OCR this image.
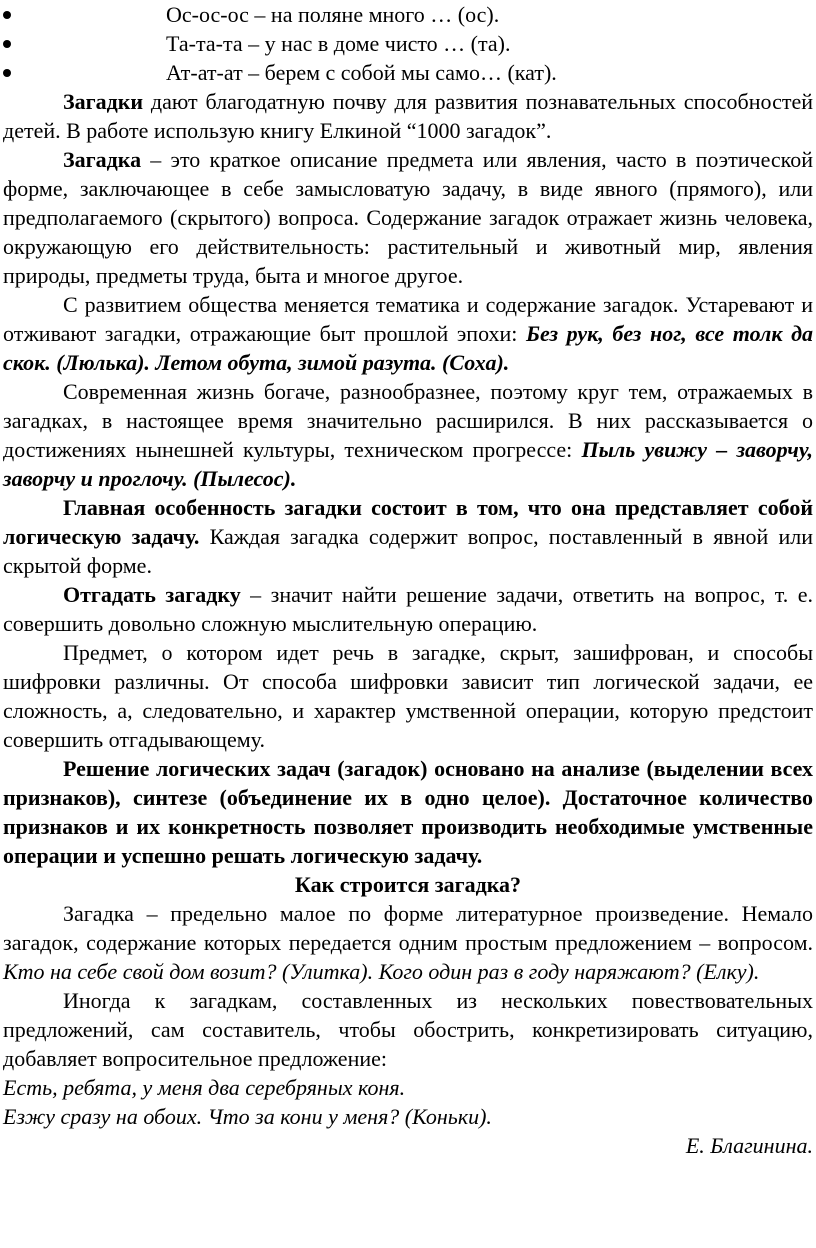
Ос-ос-ос – на поляне много … (ос).
Та-та-та – у нас в доме чисто … (та).
Ат-ат-ат – берем с собой мы само… (кат).

Загадки дают благодатную почву для развития познавательных способностей детей. В работе использую книгу Елкиной “1000 загадок”.

Загадка – это краткое описание предмета или явления, часто в поэтической форме, заключающее в себе замысловатую задачу, в виде явного (прямого), или предполагаемого (скрытого) вопроса. Содержание загадок отражает жизнь человека, окружающую его действительность: растительный и животный мир, явления природы, предметы труда, быта и многое другое.

С развитием общества меняется тематика и содержание загадок. Устаревают и отживают загадки, отражающие быт прошлой эпохи: Без рук, без ног, все толк да скок. (Люлька). Летом обута, зимой разута. (Соха).

Современная жизнь богаче, разнообразнее, поэтому круг тем, отражаемых в загадках, в настоящее время значительно расширился. В них рассказывается о достижениях нынешней культуры, техническом прогрессе: Пыль увижу – заворчу, заворчу и проглочу. (Пылесос).

Главная особенность загадки состоит в том, что она представляет собой логическую задачу. Каждая загадка содержит вопрос, поставленный в явной или скрытой форме.

Отгадать загадку – значит найти решение задачи, ответить на вопрос, т. е. совершить довольно сложную мыслительную операцию.

Предмет, о котором идет речь в загадке, скрыт, зашифрован, и способы шифровки различны. От способа шифровки зависит тип логической задачи, ее сложность, а, следовательно, и характер умственной операции, которую предстоит совершить отгадывающему.

Решение логических задач (загадок) основано на анализе (выделении всех признаков), синтезе (объединение их в одно целое). Достаточное количество признаков и их конкретность позволяет производить необходимые умственные операции и успешно решать логическую задачу.

Как строится загадка?

Загадка – предельно малое по форме литературное произведение. Немало загадок, содержание которых передается одним простым предложением – вопросом. Кто на себе свой дом возит? (Улитка). Кого один раз в году наряжают? (Елку).

Иногда к загадкам, составленных из нескольких повествовательных предложений, сам составитель, чтобы обострить, конкретизировать ситуацию, добавляет вопросительное предложение:

Есть, ребята, у меня два серебряных коня.

Езжу сразу на обоих. Что за кони у меня? (Коньки).

Е. Благинина.
